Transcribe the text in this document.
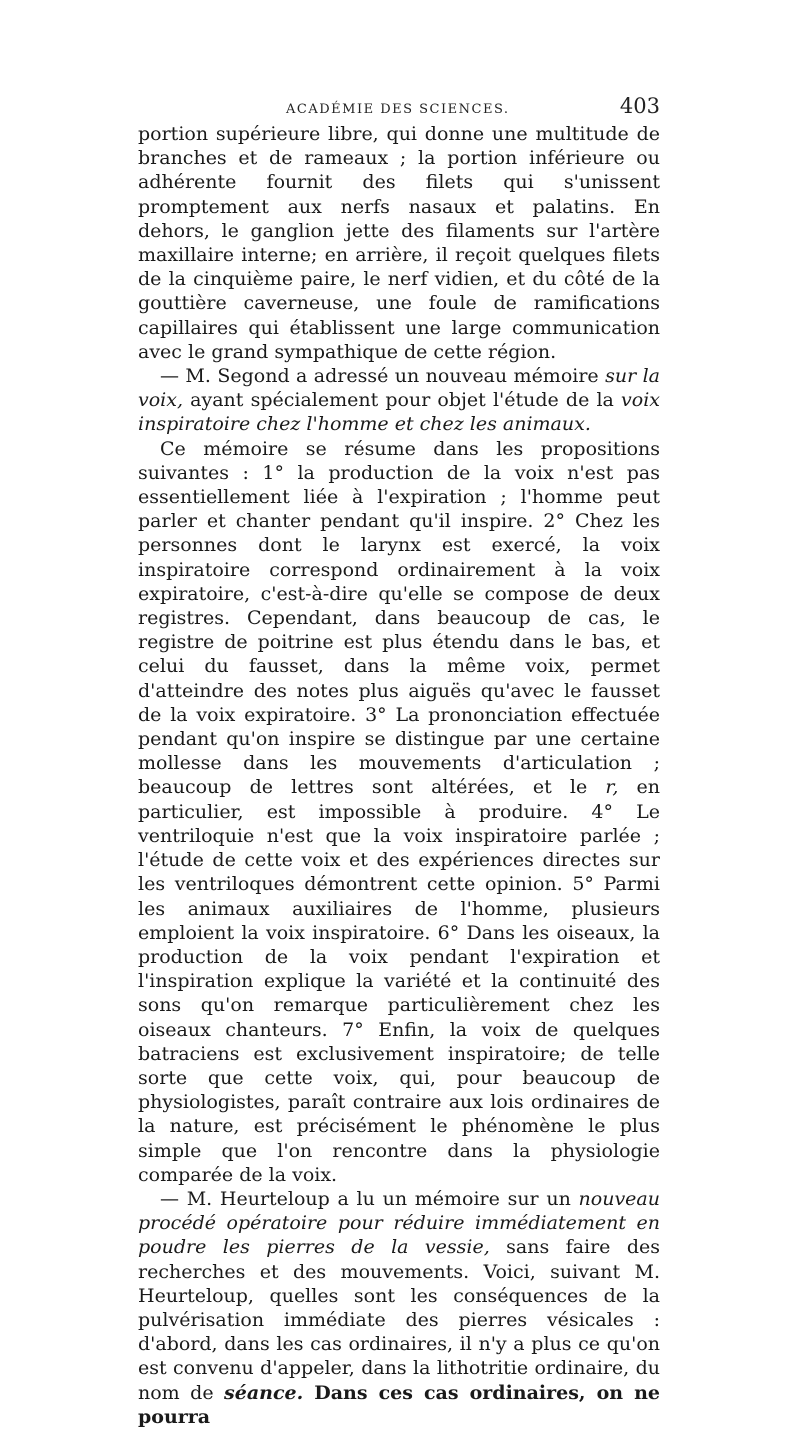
ACADÉMIE DES SCIENCES.	403

portion supérieure libre, qui donne une multitude de branches et de rameaux ; la portion inférieure ou adhérente fournit des filets qui s'unissent promptement aux nerfs nasaux et palatins. En dehors, le ganglion jette des filaments sur l'artère maxillaire interne; en arrière, il reçoit quelques filets de la cinquième paire, le nerf vidien, et du côté de la gouttière caverneuse, une foule de ramifications capillaires qui établissent une large communication avec le grand sympathique de cette région.

— M. Segond a adressé un nouveau mémoire sur la voix, ayant spécialement pour objet l'étude de la voix inspiratoire chez l'homme et chez les animaux.

Ce mémoire se résume dans les propositions suivantes : 1° la production de la voix n'est pas essentiellement liée à l'expiration ; l'homme peut parler et chanter pendant qu'il inspire. 2° Chez les personnes dont le larynx est exercé, la voix inspiratoire correspond ordinairement à la voix expiratoire, c'est-à-dire qu'elle se compose de deux registres. Cependant, dans beaucoup de cas, le registre de poitrine est plus étendu dans le bas, et celui du fausset, dans la même voix, permet d'atteindre des notes plus aiguës qu'avec le fausset de la voix expiratoire. 3° La prononciation effectuée pendant qu'on inspire se distingue par une certaine mollesse dans les mouvements d'articulation ; beaucoup de lettres sont altérées, et le r, en particulier, est impossible à produire. 4° Le ventriloquie n'est que la voix inspiratoire parlée ; l'étude de cette voix et des expériences directes sur les ventriloques démontrent cette opinion. 5° Parmi les animaux auxiliaires de l'homme, plusieurs emploient la voix inspiratoire. 6° Dans les oiseaux, la production de la voix pendant l'expiration et l'inspiration explique la variété et la continuité des sons qu'on remarque particulièrement chez les oiseaux chanteurs. 7° Enfin, la voix de quelques batraciens est exclusivement inspiratoire; de telle sorte que cette voix, qui, pour beaucoup de physiologistes, paraît contraire aux lois ordinaires de la nature, est précisément le phénomène le plus simple que l'on rencontre dans la physiologie comparée de la voix.

— M. Heurteloup a lu un mémoire sur un nouveau procédé opératoire pour réduire immédiatement en poudre les pierres de la vessie, sans faire des recherches et des mouvements. Voici, suivant M. Heurteloup, quelles sont les conséquences de la pulvérisation immédiate des pierres vésicales : d'abord, dans les cas ordinaires, il n'y a plus ce qu'on est convenu d'appeler, dans la lithotritie ordinaire, du nom de séance. Dans ces cas ordinaires, on ne pourra
